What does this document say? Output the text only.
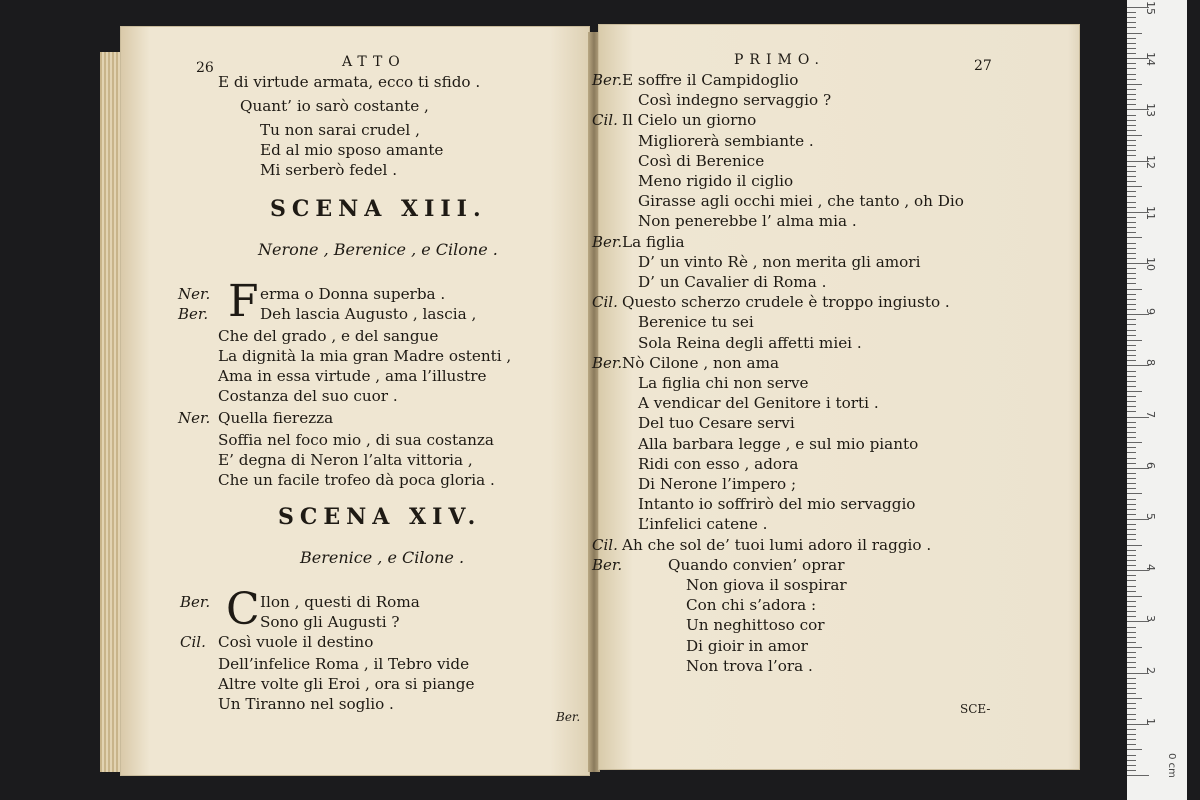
26	ATTO
E di virtude armata, ecco ti sfido .
Quant’ io sarò costante ,
Tu non sarai crudel ,
Ed al mio sposo amante
Mi serberò fedel .
SCENA XIII.
Nerone , Berenice , e Cilone .
F
Ner.	erma o Donna superba .
Ber.	Deh lascia Augusto , lascia ,
Che del grado , e del sangue
La dignità la mia gran Madre ostenti ,
Ama in essa virtude , ama l’illustre
Costanza del suo cuor .
Ner. Quella fierezza
Soffia nel foco mio , di sua costanza
E’ degna di Neron l’alta vittoria ,
Che un facile trofeo dà poca gloria .
SCENA XIV.
Berenice , e Cilone .
C
Ber.	Ilon , questi di Roma
Sono gli Augusti ?
Cil. Così vuole il destino
Dell’infelice Roma , il Tebro vide
Altre volte gli Eroi , ora si piange
Un Tiranno nel soglio .
Ber.
PRIMO.	27
Ber. E soffre il Campidoglio
Così indegno servaggio ?
Cil. Il Cielo un giorno
Migliorerà sembiante .
Così di Berenice
Meno rigido il ciglio
Girasse agli occhi miei , che tanto , oh Dio
Non penerebbe l’ alma mia .
Ber. La figlia
D’ un vinto Rè , non merita gli amori
D’ un Cavalier di Roma .
Cil. Questo scherzo crudele è troppo ingiusto .
Berenice tu sei
Sola Reina degli affetti miei .
Ber. Nò Cilone , non ama
La figlia chi non serve
A vendicar del Genitore i torti .
Del tuo Cesare servi
Alla barbara legge , e sul mio pianto
Ridi con esso , adora
Di Nerone l’impero ;
Intanto io soffrirò del mio servaggio
L’infelici catene .
Cil. Ah che sol de’ tuoi lumi adoro il raggio .
Ber.	Quando convien’ oprar
Non giova il sospirar
Con chi s’adora :
Un neghittoso cor
Di gioir in amor
Non trova l’ora .
SCE-
0 cm
1
2
3
4
5
6
7
8
9
10
11
12
13
14
15
